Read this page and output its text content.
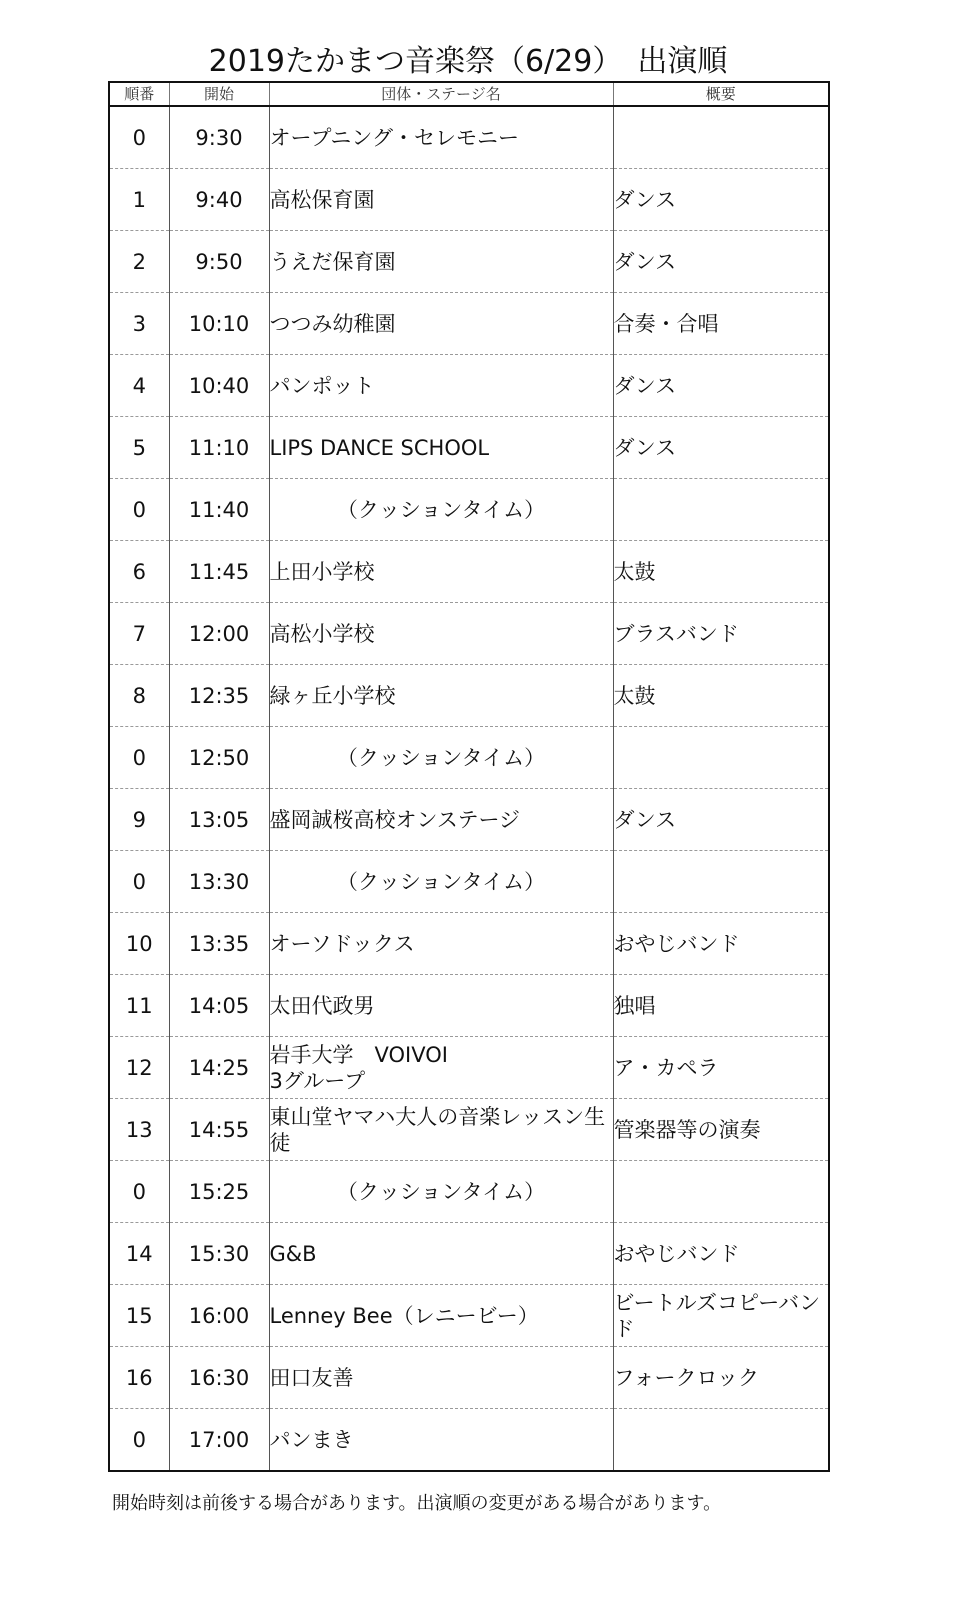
2019たかまつ音楽祭（6/29）　出演順
順番	開始	団体・ステージ名	概要
0	9:30	オープニング・セレモニー	
1	9:40	高松保育園	ダンス
2	9:50	うえだ保育園	ダンス
3	10:10	つつみ幼稚園	合奏・合唱
4	10:40	パンポット	ダンス
5	11:10	LIPS DANCE SCHOOL	ダンス
0	11:40	（クッションタイム）	
6	11:45	上田小学校	太鼓
7	12:00	高松小学校	ブラスバンド
8	12:35	緑ヶ丘小学校	太鼓
0	12:50	（クッションタイム）	
9	13:05	盛岡誠桜高校オンステージ	ダンス
0	13:30	（クッションタイム）	
10	13:35	オーソドックス	おやじバンド
11	14:05	太田代政男	独唱
12	14:25	岩手大学　VOIVOI
3グループ	ア・カペラ
13	14:55	東山堂ヤマハ大人の音楽レッスン生徒	管楽器等の演奏
0	15:25	（クッションタイム）	
14	15:30	G&B	おやじバンド
15	16:00	Lenney Bee（レニービー）	ビートルズコピーバンド
16	16:30	田口友善	フォークロック
0	17:00	パンまき	
開始時刻は前後する場合があります。出演順の変更がある場合があります。
